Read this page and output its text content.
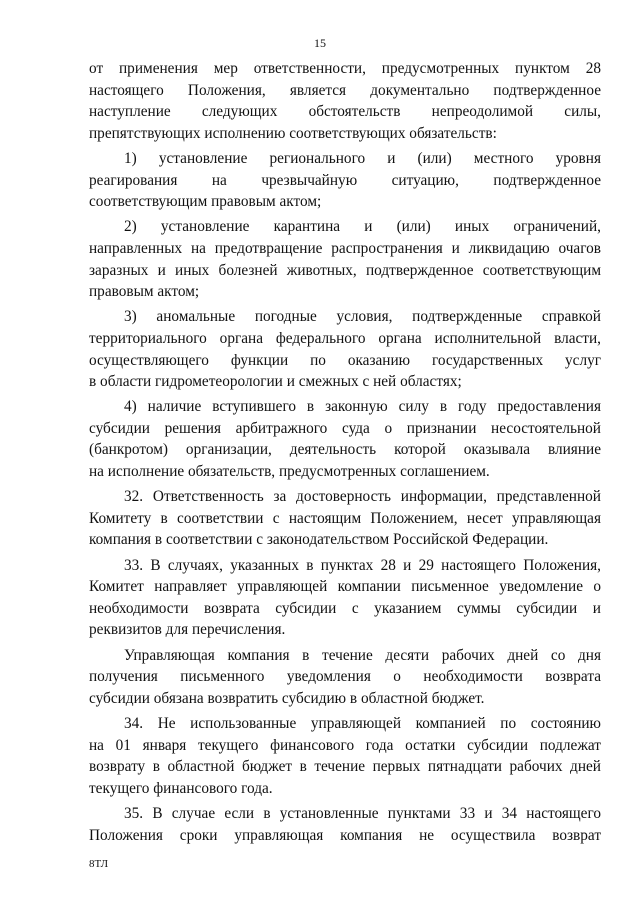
15
от применения мер ответственности, предусмотренных пунктом 28
настоящего Положения, является документально подтвержденное
наступление следующих обстоятельств непреодолимой силы,
препятствующих исполнению соответствующих обязательств:
1) установление регионального и (или) местного уровня
реагирования на чрезвычайную ситуацию, подтвержденное
соответствующим правовым актом;
2) установление карантина и (или) иных ограничений,
направленных на предотвращение распространения и ликвидацию очагов
заразных и иных болезней животных, подтвержденное соответствующим
правовым актом;
3) аномальные погодные условия, подтвержденные справкой
территориального органа федерального органа исполнительной власти,
осуществляющего функции по оказанию государственных услуг
в области гидрометеорологии и смежных с ней областях;
4) наличие вступившего в законную силу в году предоставления
субсидии решения арбитражного суда о признании несостоятельной
(банкротом) организации, деятельность которой оказывала влияние
на исполнение обязательств, предусмотренных соглашением.
32. Ответственность за достоверность информации, представленной
Комитету в соответствии с настоящим Положением, несет управляющая
компания в соответствии с законодательством Российской Федерации.
33. В случаях, указанных в пунктах 28 и 29 настоящего Положения,
Комитет направляет управляющей компании письменное уведомление о
необходимости возврата субсидии с указанием суммы субсидии и
реквизитов для перечисления.
Управляющая компания в течение десяти рабочих дней со дня
получения письменного уведомления о необходимости возврата
субсидии обязана возвратить субсидию в областной бюджет.
34. Не использованные управляющей компанией по состоянию
на 01 января текущего финансового года остатки субсидии подлежат
возврату в областной бюджет в течение первых пятнадцати рабочих дней
текущего финансового года.
35. В случае если в установленные пунктами 33 и 34 настоящего
Положения сроки управляющая компания не осуществила возврат
8ТЛ
